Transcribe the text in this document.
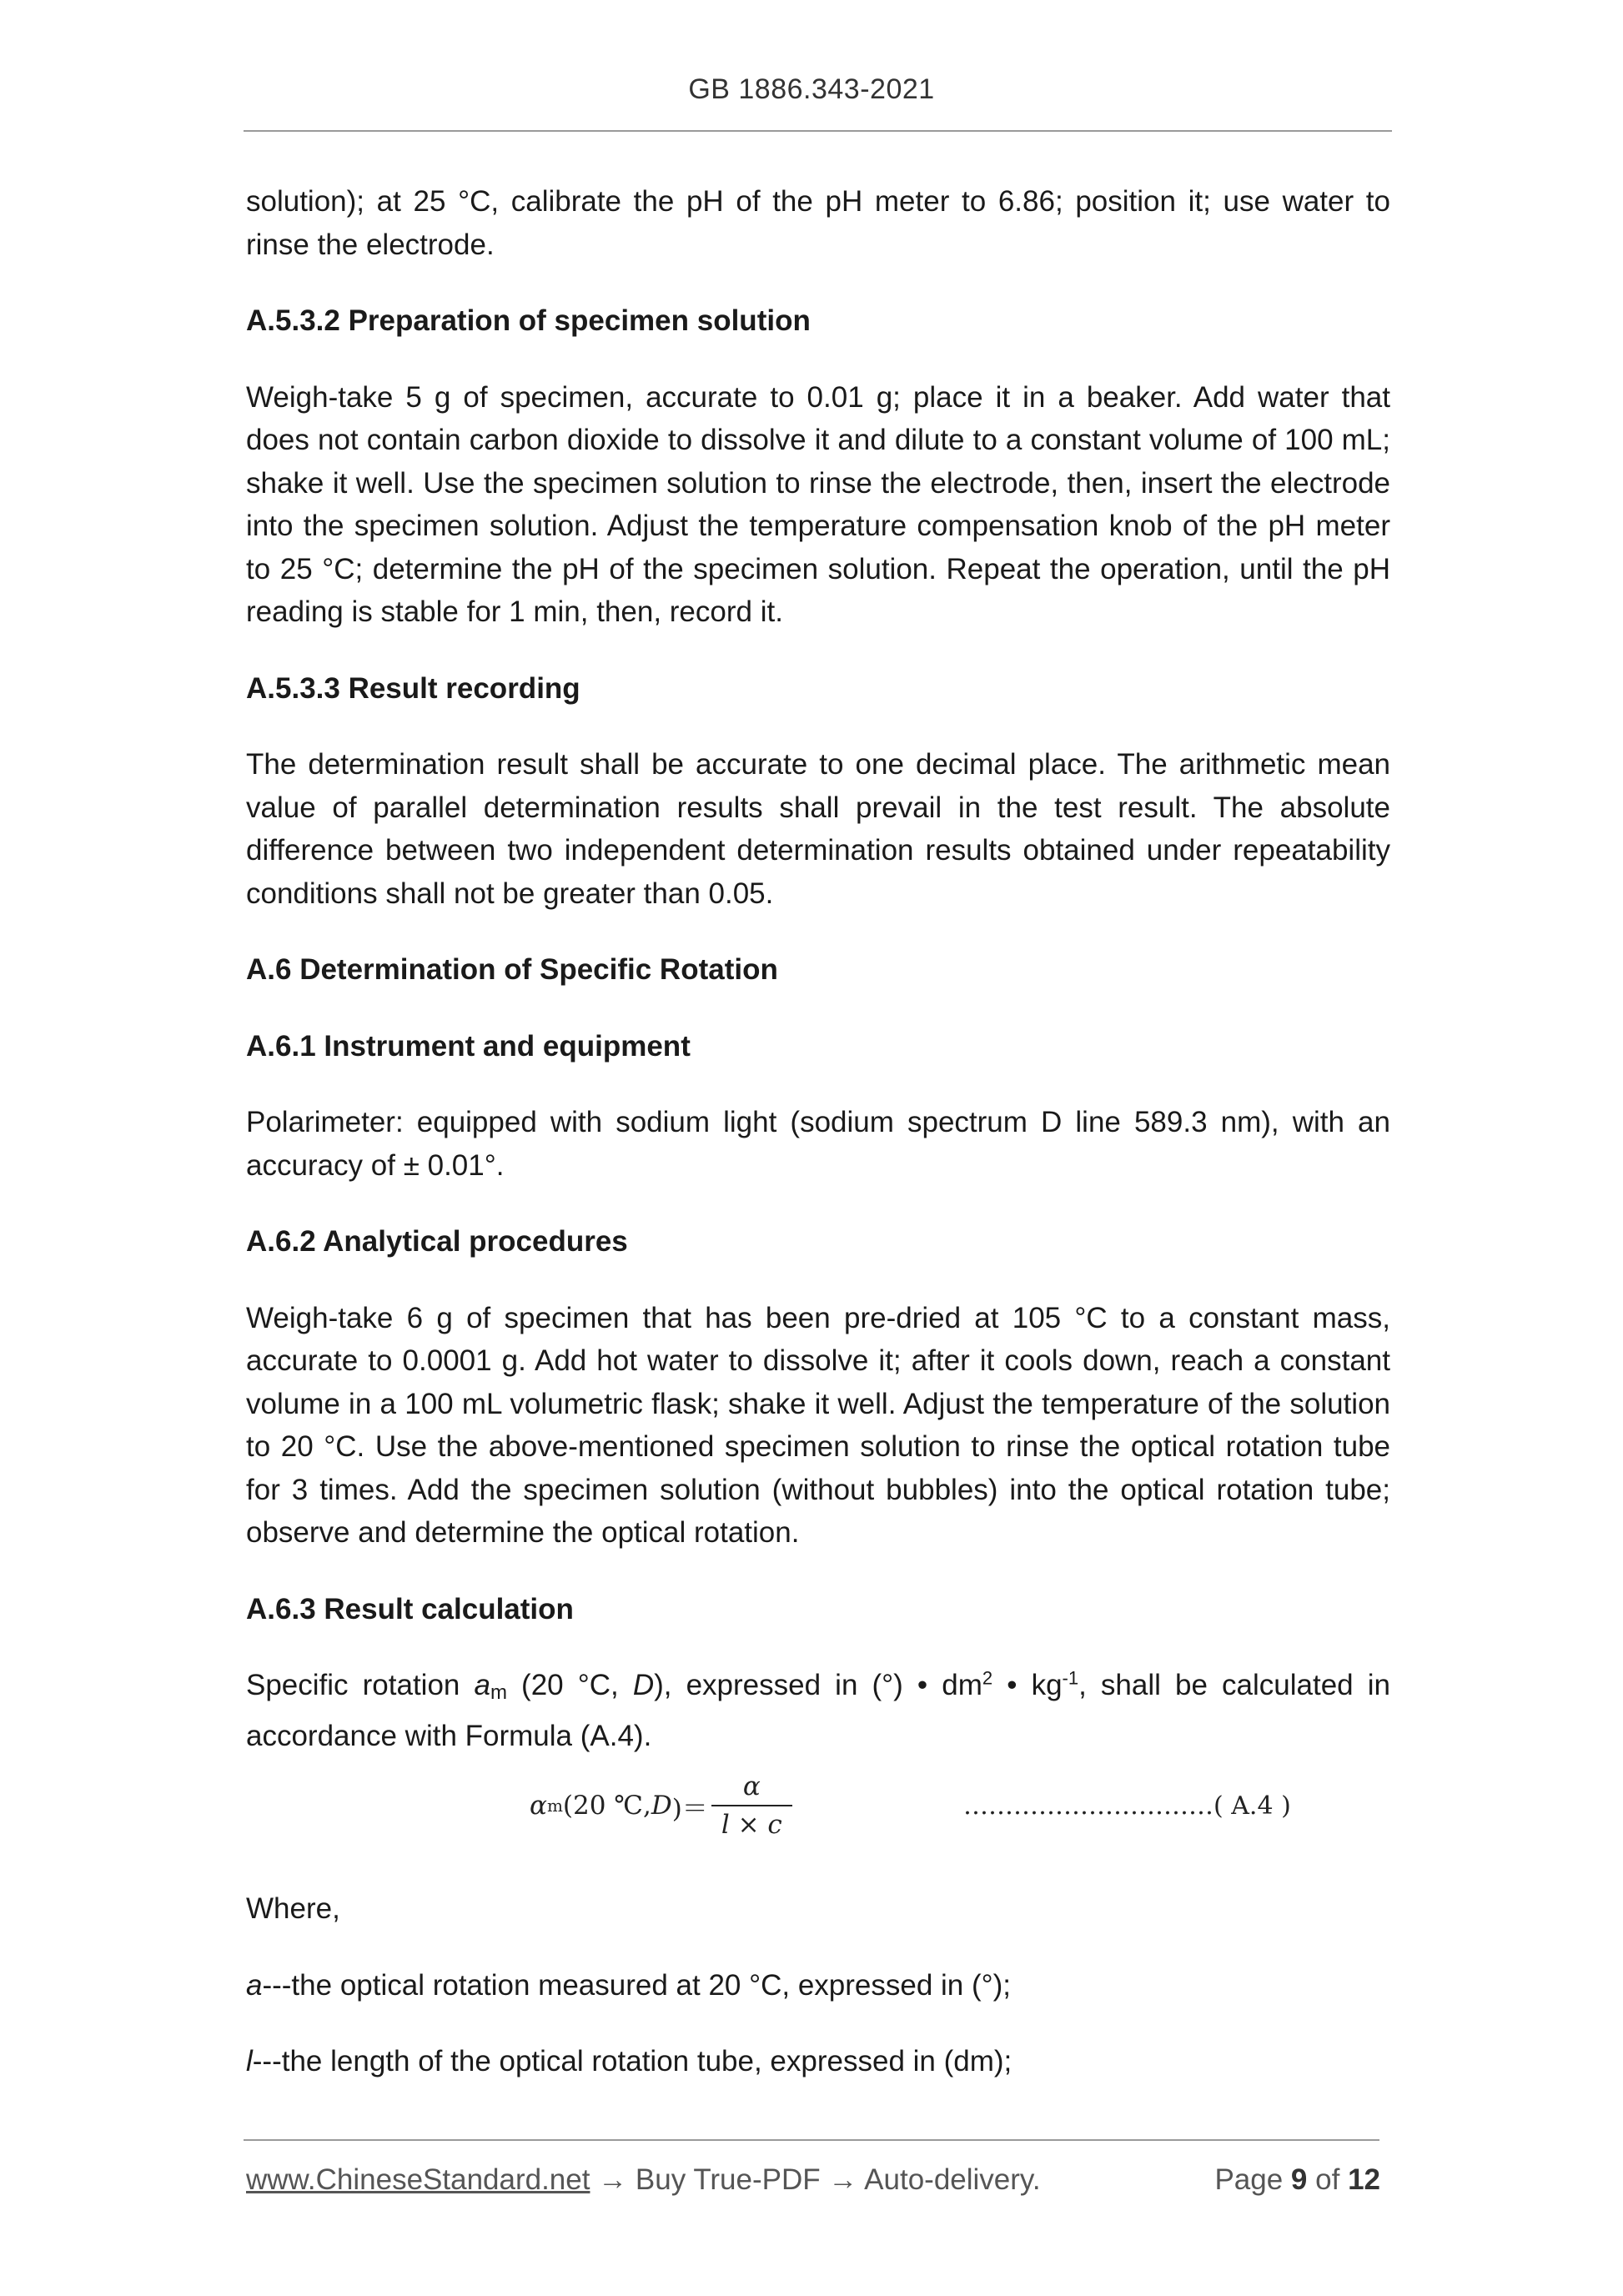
GB 1886.343-2021

solution); at 25 °C, calibrate the pH of the pH meter to 6.86; position it; use water to rinse the electrode.

A.5.3.2 Preparation of specimen solution

Weigh-take 5 g of specimen, accurate to 0.01 g; place it in a beaker. Add water that does not contain carbon dioxide to dissolve it and dilute to a constant volume of 100 mL; shake it well. Use the specimen solution to rinse the electrode, then, insert the electrode into the specimen solution. Adjust the temperature compensation knob of the pH meter to 25 °C; determine the pH of the specimen solution. Repeat the operation, until the pH reading is stable for 1 min, then, record it.

A.5.3.3 Result recording

The determination result shall be accurate to one decimal place. The arithmetic mean value of parallel determination results shall prevail in the test result. The absolute difference between two independent determination results obtained under repeatability conditions shall not be greater than 0.05.

A.6 Determination of Specific Rotation
A.6.1 Instrument and equipment

Polarimeter: equipped with sodium light (sodium spectrum D line 589.3 nm), with an accuracy of ± 0.01°.

A.6.2 Analytical procedures

Weigh-take 6 g of specimen that has been pre-dried at 105 °C to a constant mass, accurate to 0.0001 g. Add hot water to dissolve it; after it cools down, reach a constant volume in a 100 mL volumetric flask; shake it well. Adjust the temperature of the solution to 20 °C. Use the above-mentioned specimen solution to rinse the optical rotation tube for 3 times. Add the specimen solution (without bubbles) into the optical rotation tube; observe and determine the optical rotation.

A.6.3 Result calculation

Specific rotation am (20 °C, D), expressed in (°) • $dm^2$ • $kg^{-1}$, shall be calculated in accordance with Formula (A.4).

α m (20 ℃, D )＝ $\frac{\alpha}{l \times c}$	…………………………( A.4 )

Where,

a---the optical rotation measured at 20 °C, expressed in (°);

l---the length of the optical rotation tube, expressed in (dm);

www.ChineseStandard.net → Buy True-PDF → Auto-delivery.	Page 9 of 12
